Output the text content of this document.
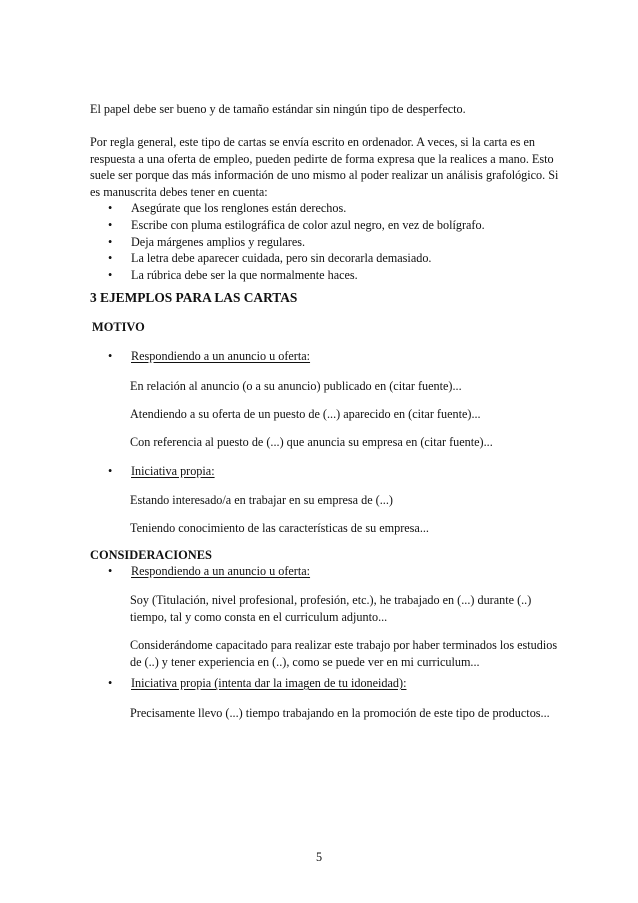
El papel debe ser bueno y de tamaño estándar sin ningún tipo de desperfecto.

Por regla general, este tipo de cartas se envía escrito en ordenador. A veces, si la carta es en
respuesta a una oferta de empleo, pueden pedirte de forma expresa que la realices a mano. Esto
suele ser porque das más información de uno mismo al poder realizar un análisis grafológico. Si
es manuscrita debes tener en cuenta:
•	Asegúrate que los renglones están derechos.
•	Escribe con pluma estilográfica de color azul negro, en vez de bolígrafo.
•	Deja márgenes amplios y regulares.
•	La letra debe aparecer cuidada, pero sin decorarla demasiado.
•	La rúbrica debe ser la que normalmente haces.
3 EJEMPLOS PARA LAS CARTAS
MOTIVO
•	Respondiendo a un anuncio u oferta:
En relación al anuncio (o a su anuncio) publicado en (citar fuente)...
Atendiendo a su oferta de un puesto de (...) aparecido en (citar fuente)...
Con referencia al puesto de (...) que anuncia su empresa en (citar fuente)...
•	Iniciativa propia:
Estando interesado/a en trabajar en su empresa de (...)
Teniendo conocimiento de las características de su empresa...
CONSIDERACIONES
•	Respondiendo a un anuncio u oferta:
Soy (Titulación, nivel profesional, profesión, etc.), he trabajado en (...) durante (..)
tiempo, tal y como consta en el curriculum adjunto...
Considerándome capacitado para realizar este trabajo por haber terminados los estudios
de (..) y tener experiencia en (..), como se puede ver en mi curriculum...
•	Iniciativa propia (intenta dar la imagen de tu idoneidad):
Precisamente llevo (...) tiempo trabajando en la promoción de este tipo de productos...
5
